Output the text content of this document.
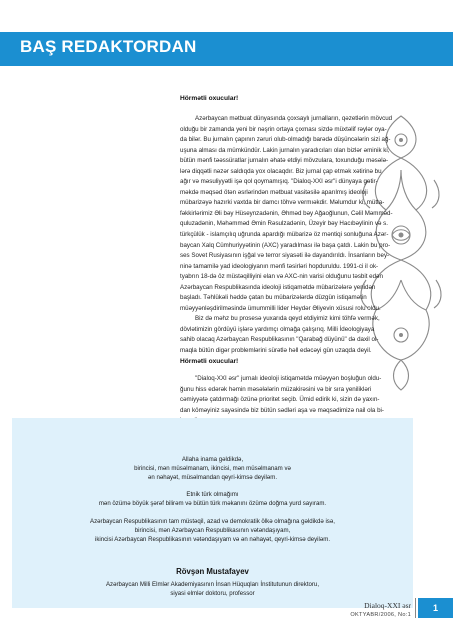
BAŞ REDAKTORDAN
Hörmətli oxucular!
Azərbaycan mətbuat dünyasında çoxsaylı jurnalların, qəzetlərin mövcud
olduğu bir zamanda yeni bir nəşrin ortaya çıxması sizdə müxtəlif rəylər oya-
da bilər. Bu jurnalın çapının zəruri olub-olmadığı barədə düşüncələrin sizi ağ-
uşuna alması da mümkündür. Lakin jurnalın yaradıcıları olan bizlər əminik ki,
bütün mənfi təəssüratlar jurnalın əhatə etdiyi mövzulara, toxunduğu məsələ-
lərə diqqətli nəzər saldıqda yox olacaqdır. Biz jurnal çap etmək xətirinə bu
ağır və məsuliyyətli işə qol qoymamışıq. "Dialoq-XXI əsr"i dünyaya gətir-
məkdə məqsəd ötən əsrlərindən mətbuat vasitəsilə aparılmış ideoloji
mübarizəyə hazırki vaxtda bir damcı töhvə vermıəkdir. Məlumdur ki, mütta-
fəkkirlərimiz Əli bəy Hüseynzadənin, Əhməd bəy Ağaoğlunun, Cəlil Məmməd-
quluzadənin, Məhəmməd Əmin Rəsulzadənin, Üzeyir bəy Hacıbəylinin və s.
türkçülük - islamçılıq uğrunda apardığı mübarizə öz məntiqi sonluğuna Azər-
baycan Xalq Cümhuriyyətinin (AXC) yaradılması ilə başa çatdı. Lakin bu pro-
ses Sovet Rusiyasının işğal və terror siyasəti ilə dayandırıldı. İnsanların bey-
ninə tamamilə yad ideologiyanın mənfi təsirləri hopduruldu. 1991-ci il ok-
tyabrın 18-də öz müstəqilliyini elan və AXC-nin varisi olduğunu təsbit edən
Azərbaycan Respublikasında ideoloji istiqamətdə mübarizələrə yenidən
başladı. Təhlükəli həddə çatan bu mübarizələrdə düzgün istiqamətin
müəyyənləşdirilməsində ümummilli lider Heydər Əliyevin xüsusi rolu oldu.
Biz də məhz bu prosesə yuxarıda qeyd etdiyimiz kimi töhfə vermək,
dövlətimizin gördüyü işlərə yardımçı olmağa çalışırıq. Milli İdeologiyaya
sahib olacaq Azərbaycan Respublikasının "Qarabağ düyünü" də daxil ol-
maqla bütün digər problemlərini sürətlə həll edəcəyi gün uzaqda deyil.
Hörmətli oxucular!
"Dialoq-XXI əsr" jurnalı ideoloji istiqamətdə müəyyən boşluğun oldu-
ğunu hiss edərək həmin məsələlərin müzakirəsini və bir sıra yenilikləri
cəmiyyətə çatdırmağı özünə prioritet seçib. Ümid edirik ki, sizin də yaxın-
dan köməyiniz sayəsində biz bütün sədləri aşa və məqsədimizə nail ola bi-
Allaha inama gəldikdə,
birincisi, mən müsəlmanam, ikincisi, mən müsəlmanam və
ən nəhayət, müsəlmandan qeyri-kimsə deyiləm.
Etnik türk olmağımı
mən özümə böyük şərəf bilirəm və bütün türk məkanını özümə doğma yurd sayıram.
Azərbaycan Respublikasının tam müstəqil, azad və demokratik ölkə olmağına gəldikdə isə,
birincisi, mən Azərbaycan Respublikasının vətəndaşıyam,
ikincisi Azərbaycan Respublikasının vətəndaşıyam və ən nəhayət, qeyri-kimsə deyiləm.
Rövşən Mustafayev
Azərbaycan Milli Elmlər Akademiyasının İnsan Hüquqları İnstitutunun direktoru,
siyasi elmlər doktoru, professor
Dialoq-XXI əsr
OKTYABR/2006, No:1
1
